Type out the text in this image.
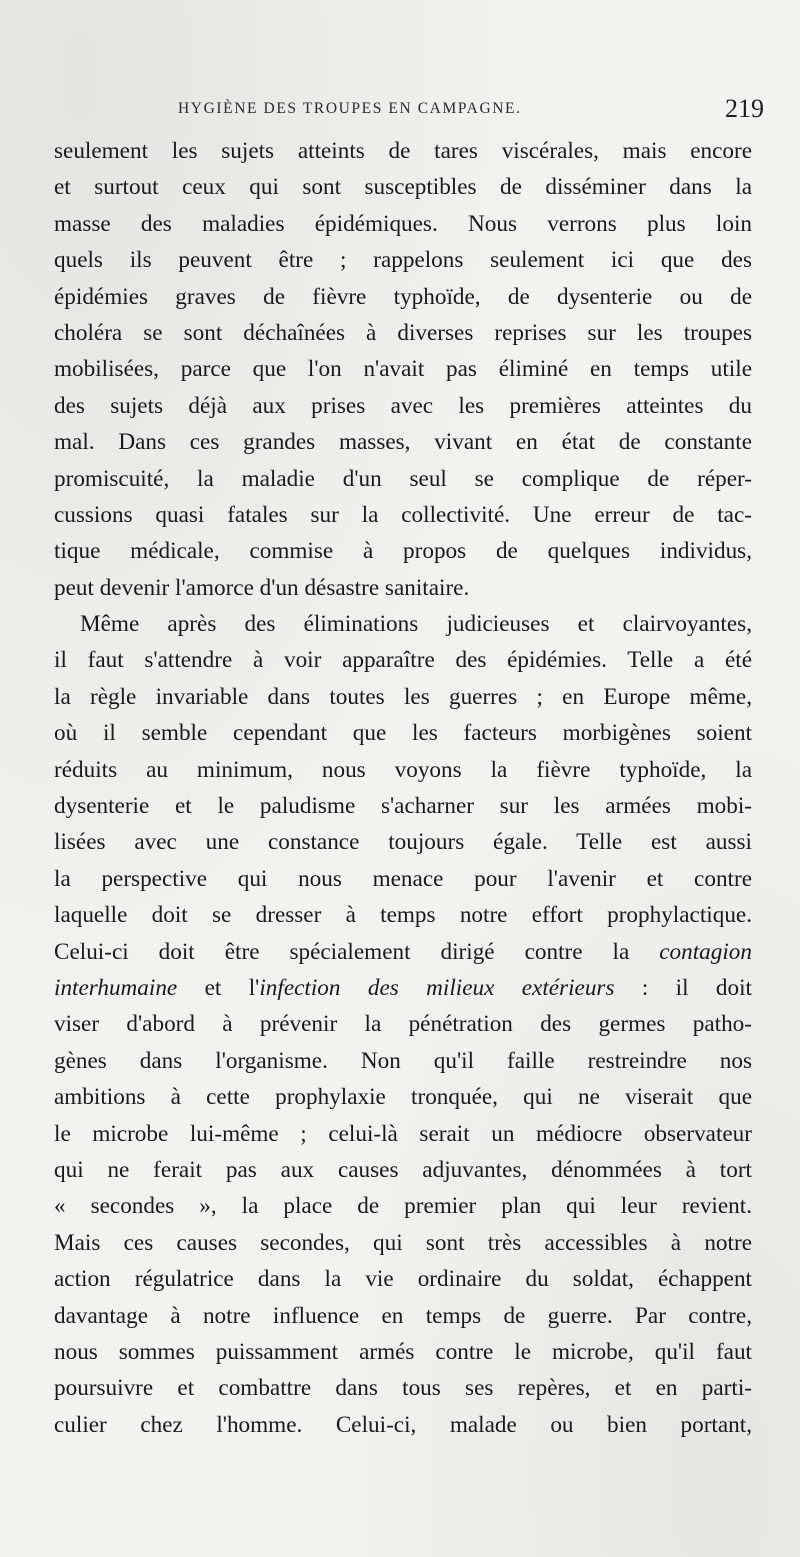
HYGIÈNE DES TROUPES EN CAMPAGNE.	219
seulement les sujets atteints de tares viscérales, mais encore
et surtout ceux qui sont susceptibles de disséminer dans la
masse des maladies épidémiques. Nous verrons plus loin
quels ils peuvent être ; rappelons seulement ici que des
épidémies graves de fièvre typhoïde, de dysenterie ou de
choléra se sont déchaînées à diverses reprises sur les troupes
mobilisées, parce que l'on n'avait pas éliminé en temps utile
des sujets déjà aux prises avec les premières atteintes du
mal. Dans ces grandes masses, vivant en état de constante
promiscuité, la maladie d'un seul se complique de réper-
cussions quasi fatales sur la collectivité. Une erreur de tac-
tique médicale, commise à propos de quelques individus,
peut devenir l'amorce d'un désastre sanitaire.
Même après des éliminations judicieuses et clairvoyantes,
il faut s'attendre à voir apparaître des épidémies. Telle a été
la règle invariable dans toutes les guerres ; en Europe même,
où il semble cependant que les facteurs morbigènes soient
réduits au minimum, nous voyons la fièvre typhoïde, la
dysenterie et le paludisme s'acharner sur les armées mobi-
lisées avec une constance toujours égale. Telle est aussi
la perspective qui nous menace pour l'avenir et contre
laquelle doit se dresser à temps notre effort prophylactique.
Celui-ci doit être spécialement dirigé contre la contagion
interhumaine et l'infection des milieux extérieurs : il doit
viser d'abord à prévenir la pénétration des germes patho-
gènes dans l'organisme. Non qu'il faille restreindre nos
ambitions à cette prophylaxie tronquée, qui ne viserait que
le microbe lui-même ; celui-là serait un médiocre observateur
qui ne ferait pas aux causes adjuvantes, dénommées à tort
« secondes », la place de premier plan qui leur revient.
Mais ces causes secondes, qui sont très accessibles à notre
action régulatrice dans la vie ordinaire du soldat, échappent
davantage à notre influence en temps de guerre. Par contre,
nous sommes puissamment armés contre le microbe, qu'il faut
poursuivre et combattre dans tous ses repères, et en parti-
culier chez l'homme. Celui-ci, malade ou bien portant,
